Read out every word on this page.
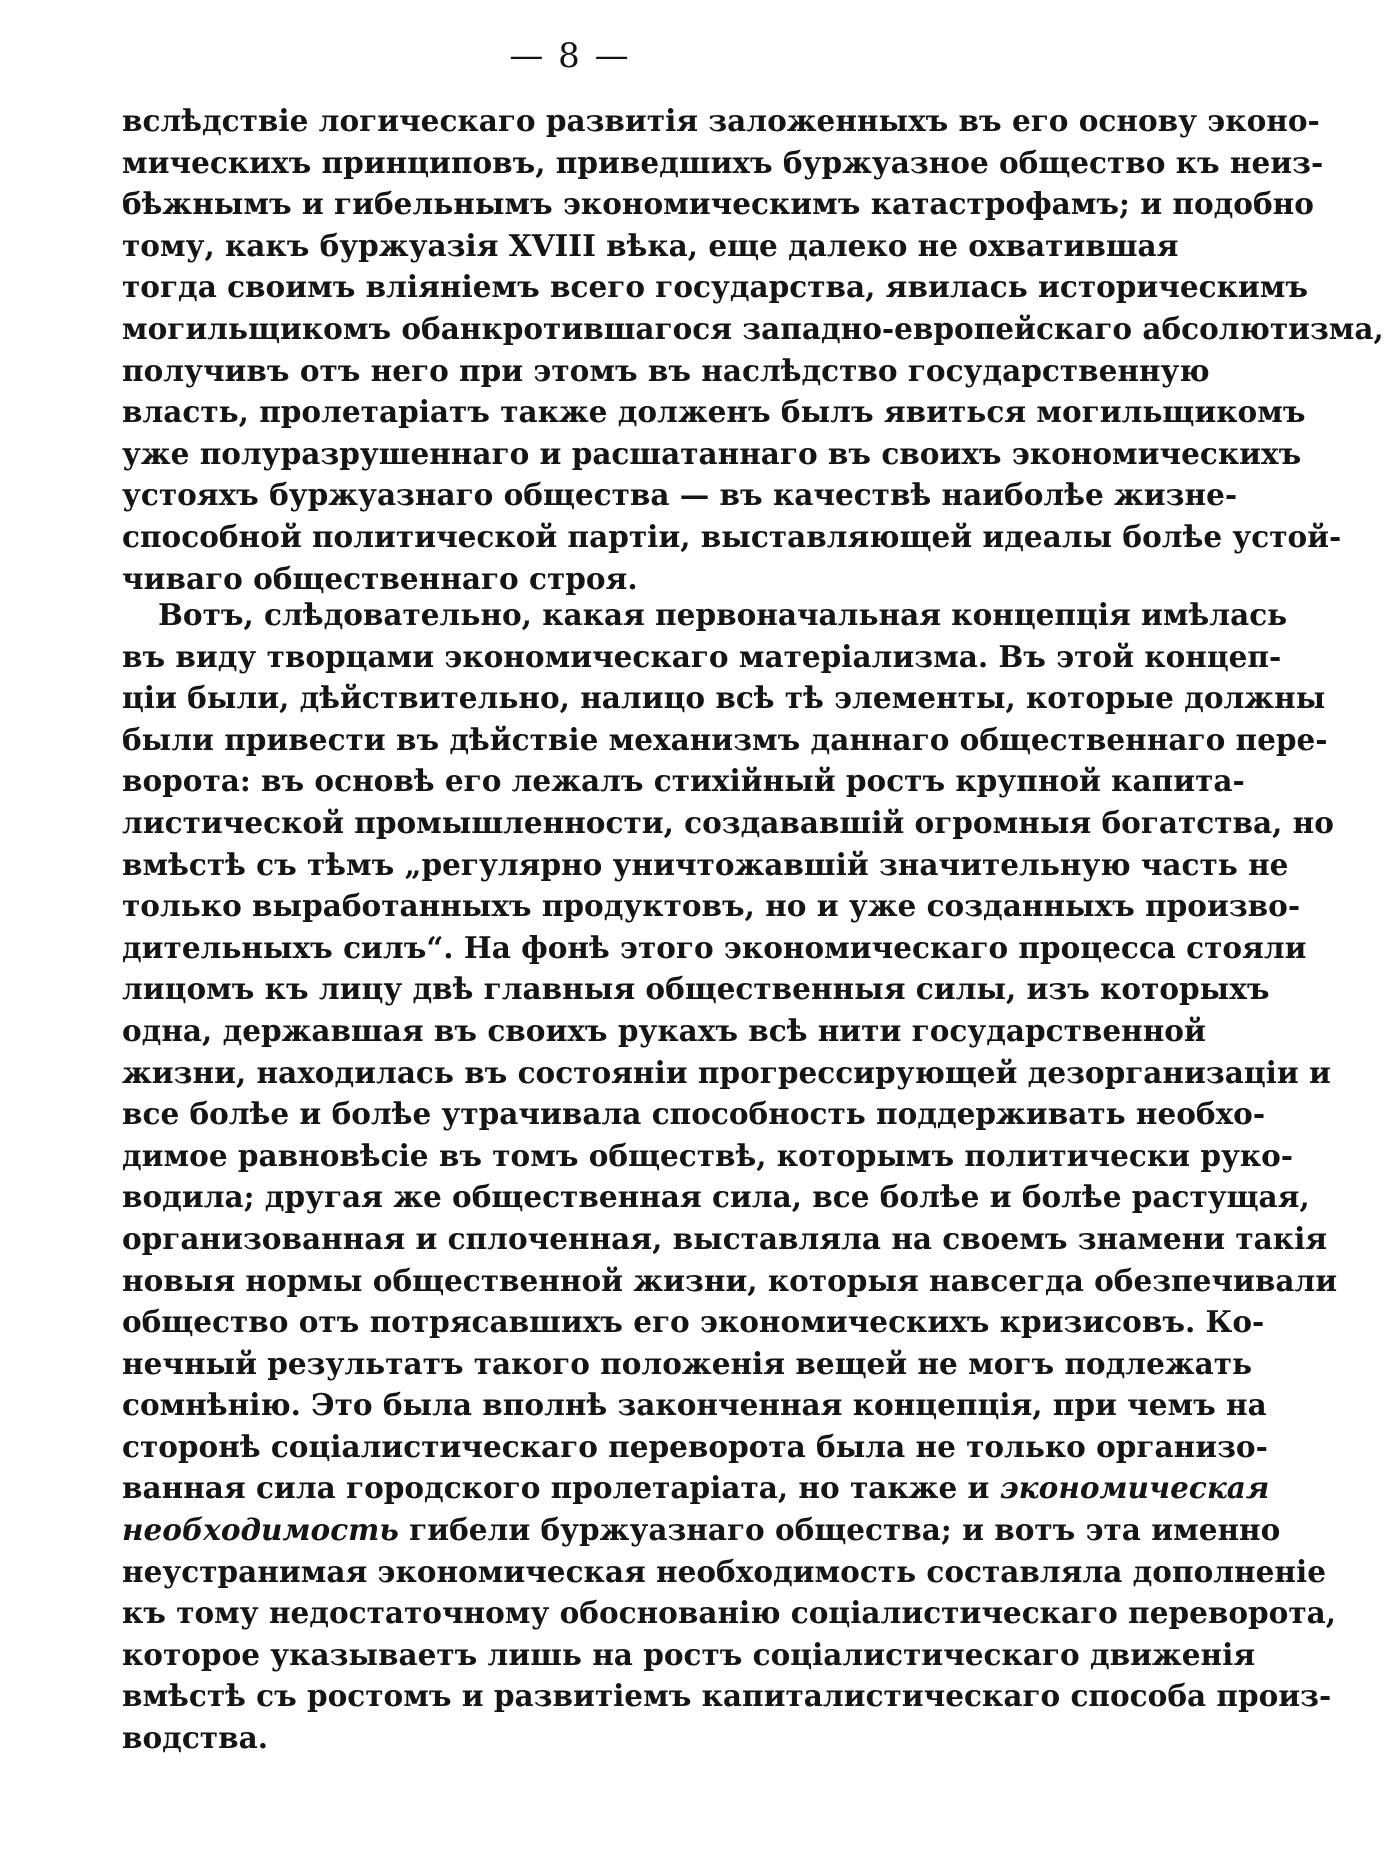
— 8 —
вслѣдствіе логическаго развитія заложенныхъ въ его основу эконо-
мическихъ принциповъ, приведшихъ буржуазное общество къ неиз-
бѣжнымъ и гибельнымъ экономическимъ катастрофамъ; и подобно
тому, какъ буржуазія XVIII вѣка, еще далеко не охватившая
тогда своимъ вліяніемъ всего государства, явилась историческимъ
могильщикомъ обанкротившагося западно-европейскаго абсолютизма,
получивъ отъ него при этомъ въ наслѣдство государственную
власть, пролетаріатъ также долженъ былъ явиться могильщикомъ
уже полуразрушеннаго и расшатаннаго въ своихъ экономическихъ
устояхъ буржуазнаго общества — въ качествѣ наиболѣе жизне-
способной политической партіи, выставляющей идеалы болѣе устой-
чиваго общественнаго строя.
Вотъ, слѣдовательно, какая первоначальная концепція имѣлась
въ виду творцами экономическаго матеріализма. Въ этой концеп-
ціи были, дѣйствительно, налицо всѣ тѣ элементы, которые должны
были привести въ дѣйствіе механизмъ даннаго общественнаго пере-
ворота: въ основѣ его лежалъ стихійный ростъ крупной капита-
листической промышленности, создававшій огромныя богатства, но
вмѣстѣ съ тѣмъ „регулярно уничтожавшій значительную часть не
только выработанныхъ продуктовъ, но и уже созданныхъ произво-
дительныхъ силъ“. На фонѣ этого экономическаго процесса стояли
лицомъ къ лицу двѣ главныя общественныя силы, изъ которыхъ
одна, державшая въ своихъ рукахъ всѣ нити государственной
жизни, находилась въ состояніи прогрессирующей дезорганизаціи и
все болѣе и болѣе утрачивала способность поддерживать необхо-
димое равновѣсіе въ томъ обществѣ, которымъ политически руко-
водила; другая же общественная сила, все болѣе и болѣе растущая,
организованная и сплоченная, выставляла на своемъ знамени такія
новыя нормы общественной жизни, которыя навсегда обезпечивали
общество отъ потрясавшихъ его экономическихъ кризисовъ. Ко-
нечный результатъ такого положенія вещей не могъ подлежать
сомнѣнію. Это была вполнѣ законченная концепція, при чемъ на
сторонѣ соціалистическаго переворота была не только организо-
ванная сила городского пролетаріата, но также и экономическая
необходимость гибели буржуазнаго общества; и вотъ эта именно
неустранимая экономическая необходимость составляла дополненіе
къ тому недостаточному обоснованію соціалистическаго переворота,
которое указываетъ лишь на ростъ соціалистическаго движенія
вмѣстѣ съ ростомъ и развитіемъ капиталистическаго способа произ-
водства.
